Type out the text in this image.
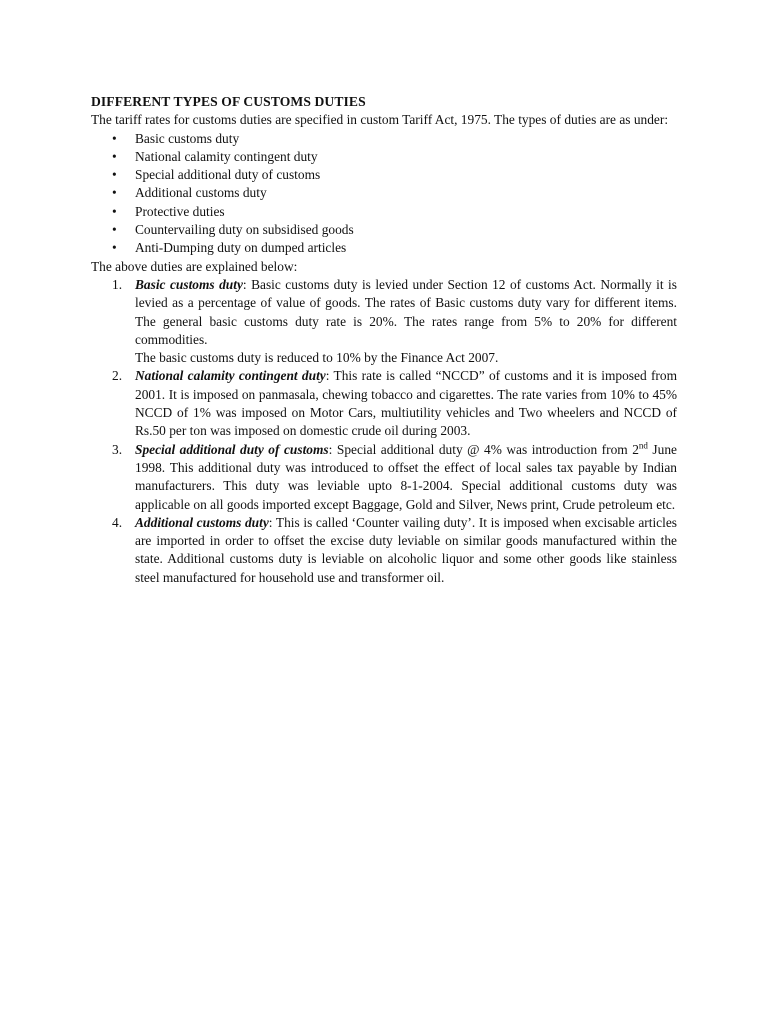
DIFFERENT TYPES OF CUSTOMS DUTIES

The tariff rates for customs duties are specified in custom Tariff Act, 1975. The types of duties are as under:

• Basic customs duty
• National calamity contingent duty
• Special additional duty of customs
• Additional customs duty
• Protective duties
• Countervailing duty on subsidised goods
• Anti-Dumping duty on dumped articles

The above duties are explained below:

1. Basic customs duty: Basic customs duty is levied under Section 12 of customs Act. Normally it is levied as a percentage of value of goods. The rates of Basic customs duty vary for different items. The general basic customs duty rate is 20%. The rates range from 5% to 20% for different commodities.
The basic customs duty is reduced to 10% by the Finance Act 2007.
2. National calamity contingent duty: This rate is called “NCCD” of customs and it is imposed from 2001. It is imposed on panmasala, chewing tobacco and cigarettes. The rate varies from 10% to 45% NCCD of 1% was imposed on Motor Cars, multiutility vehicles and Two wheelers and NCCD of Rs.50 per ton was imposed on domestic crude oil during 2003.
3. Special additional duty of customs: Special additional duty @ 4% was introduction from 2nd June 1998. This additional duty was introduced to offset the effect of local sales tax payable by Indian manufacturers. This duty was leviable upto 8-1-2004. Special additional customs duty was applicable on all goods imported except Baggage, Gold and Silver, News print, Crude petroleum etc.
4. Additional customs duty: This is called ‘Counter vailing duty’. It is imposed when excisable articles are imported in order to offset the excise duty leviable on similar goods manufactured within the state. Additional customs duty is leviable on alcoholic liquor and some other goods like stainless steel manufactured for household use and transformer oil.
